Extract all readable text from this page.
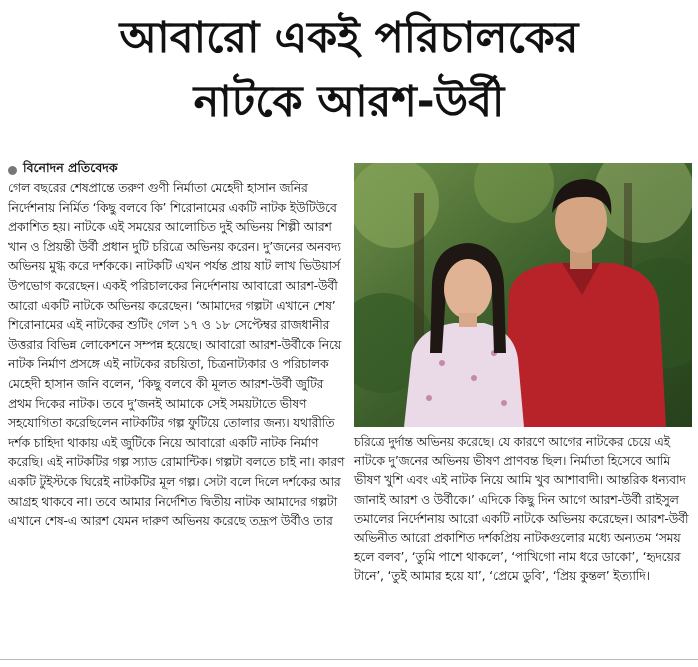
আবারো একই পরিচালকের
নাটকে আরশ-উর্বী
বিনোদন প্রতিবেদক

গেল বছরের শেষপ্রান্তে তরুণ গুণী নির্মাতা মেহেদী হাসান জনির নির্দেশনায় নির্মিত ‘কিছু বলবে কি’ শিরোনামের একটি নাটক ইউটিউবে প্রকাশিত হয়। নাটকে এই সময়ের আলোচিত দুই অভিনয় শিল্পী আরশ খান ও প্রিয়ন্তী উর্বী প্রধান দুটি চরিত্রে অভিনয় করেন। দু’জনের অনবদ্য অভিনয় মুগ্ধ করে দর্শককে। নাটকটি এখন পর্যন্ত প্রায় ষাট লাখ ভিউয়ার্স উপভোগ করেছেন। একই পরিচালকের নির্দেশনায় আবারো আরশ-উর্বী আরো একটি নাটকে অভিনয় করেছেন। ‘আমাদের গল্পটা এখানে শেষ’ শিরোনামের এই নাটকের শুটিং গেল ১৭ ও ১৮ সেপ্টেম্বর রাজধানীর উত্তরার বিভিন্ন লোকেশনে সম্পন্ন হয়েছে। আবারো আরশ-উর্বীকে নিয়ে নাটক নির্মাণ প্রসঙ্গে এই নাটকের রচয়িতা, চিত্রনাট্যকার ও পরিচালক মেহেদী হাসান জনি বলেন, ‘কিছু বলবে কী মূলত আরশ-উর্বী জুটির প্রথম দিকের নাটক। তবে দু’জনই আমাকে সেই সময়টাতে ভীষণ সহযোগিতা করেছিলেন নাটকটির গল্প ফুটিয়ে তোলার জন্য। যথারীতি দর্শক চাহিদা থাকায় এই জুটিকে নিয়ে আবারো একটি নাটক নির্মাণ করেছি। এই নাটকটির গল্প স্যাড রোমান্টিক। গল্পটা বলতে চাই না। কারণ একটি টুইস্টকে ঘিরেই নাটকটির মূল গল্প। সেটা বলে দিলে দর্শকের আর আগ্রহ থাকবে না। তবে আমার নির্দেশিত দ্বিতীয় নাটক আমাদের গল্পটা এখানে শেষ-এ আরশ যেমন দারুণ অভিনয় করেছে তদ্রূপ উর্বীও তার

চরিত্রে দুর্দান্ত অভিনয় করেছে। যে কারণে আগের নাটকের চেয়ে এই নাটকে দু’জনের অভিনয় ভীষণ প্রাণবন্ত ছিল। নির্মাতা হিসেবে আমি ভীষণ খুশি এবং এই নাটক নিয়ে আমি খুব আশাবাদী। আন্তরিক ধন্যবাদ জানাই আরশ ও উর্বীকে।’ এদিকে কিছু দিন আগে আরশ-উর্বী রাইসুল তমালের নির্দেশনায় আরো একটি নাটকে অভিনয় করেছেন। আরশ-উর্বী অভিনীত আরো প্রকাশিত দর্শকপ্রিয় নাটকগুলোর মধ্যে অন্যতম ‘সময় হলে বলব’, ‘তুমি পাশে থাকলে’, ‘পাখিগো নাম ধরে ডাকো’, ‘হৃদয়ের টানে’, ‘তুই আমার হয়ে যা’, ‘প্রেমে ডুবি’, ‘প্রিয় কুন্তল’ ইত্যাদি।
